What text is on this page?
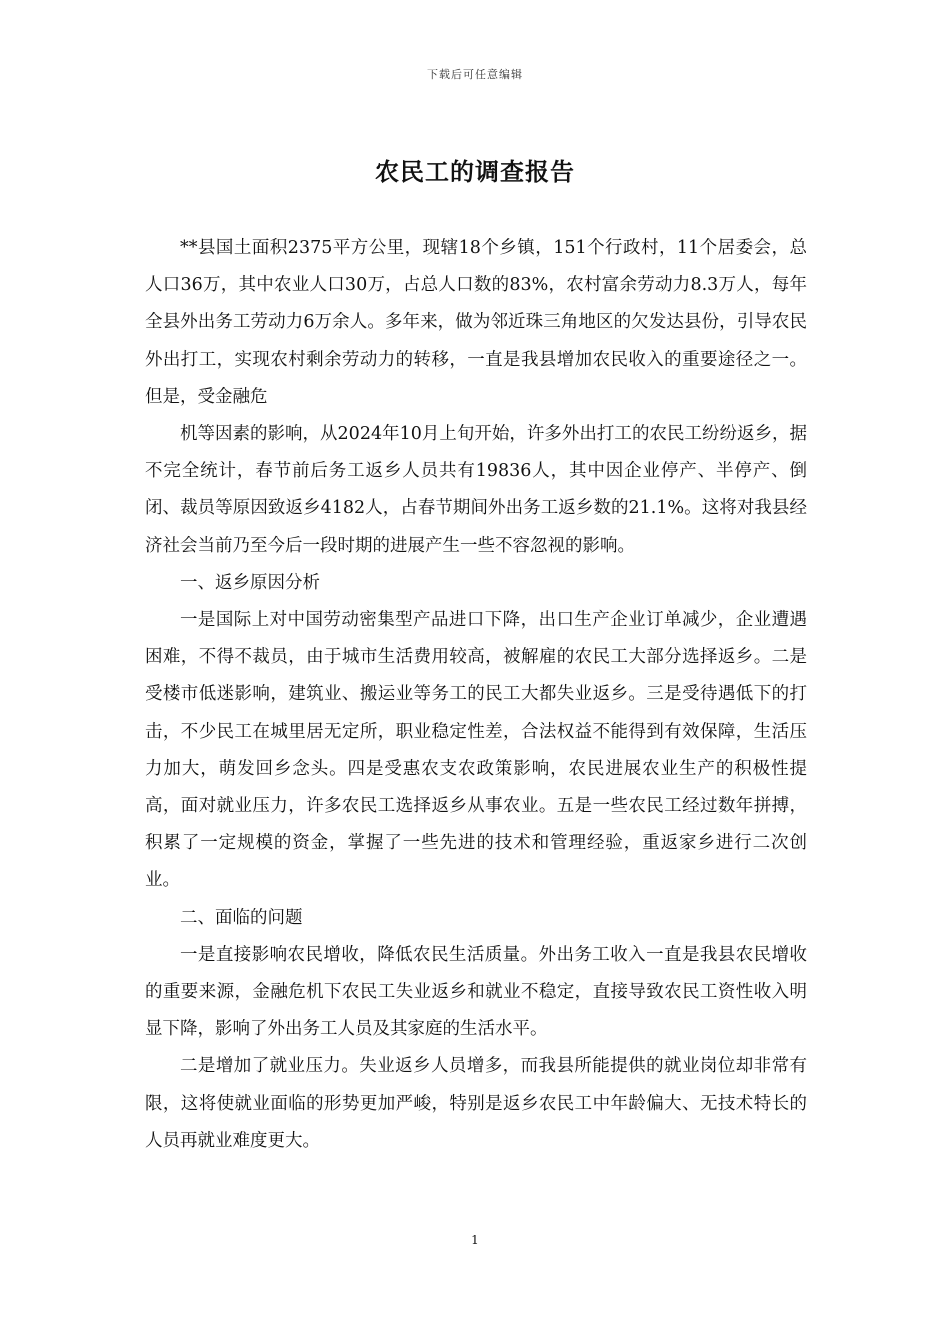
下载后可任意编辑
农民工的调查报告

**县国土面积2375平方公里，现辖18个乡镇，151个行政村，11个居委会，总人口36万，其中农业人口30万，占总人口数的83%，农村富余劳动力8.3万人，每年全县外出务工劳动力6万余人。多年来，做为邻近珠三角地区的欠发达县份，引导农民外出打工，实现农村剩余劳动力的转移，一直是我县增加农民收入的重要途径之一。但是，受金融危

机等因素的影响，从2024年10月上旬开始，许多外出打工的农民工纷纷返乡，据不完全统计，春节前后务工返乡人员共有19836人，其中因企业停产、半停产、倒闭、裁员等原因致返乡4182人，占春节期间外出务工返乡数的21.1%。这将对我县经济社会当前乃至今后一段时期的进展产生一些不容忽视的影响。

一、返乡原因分析

一是国际上对中国劳动密集型产品进口下降，出口生产企业订单减少，企业遭遇困难，不得不裁员，由于城市生活费用较高，被解雇的农民工大部分选择返乡。二是受楼市低迷影响，建筑业、搬运业等务工的民工大都失业返乡。三是受待遇低下的打击，不少民工在城里居无定所，职业稳定性差，合法权益不能得到有效保障，生活压力加大，萌发回乡念头。四是受惠农支农政策影响，农民进展农业生产的积极性提高，面对就业压力，许多农民工选择返乡从事农业。五是一些农民工经过数年拼搏，积累了一定规模的资金，掌握了一些先进的技术和管理经验，重返家乡进行二次创业。

二、面临的问题

一是直接影响农民增收，降低农民生活质量。外出务工收入一直是我县农民增收的重要来源，金融危机下农民工失业返乡和就业不稳定，直接导致农民工资性收入明显下降，影响了外出务工人员及其家庭的生活水平。

二是增加了就业压力。失业返乡人员增多，而我县所能提供的就业岗位却非常有限，这将使就业面临的形势更加严峻，特别是返乡农民工中年龄偏大、无技术特长的人员再就业难度更大。

1
